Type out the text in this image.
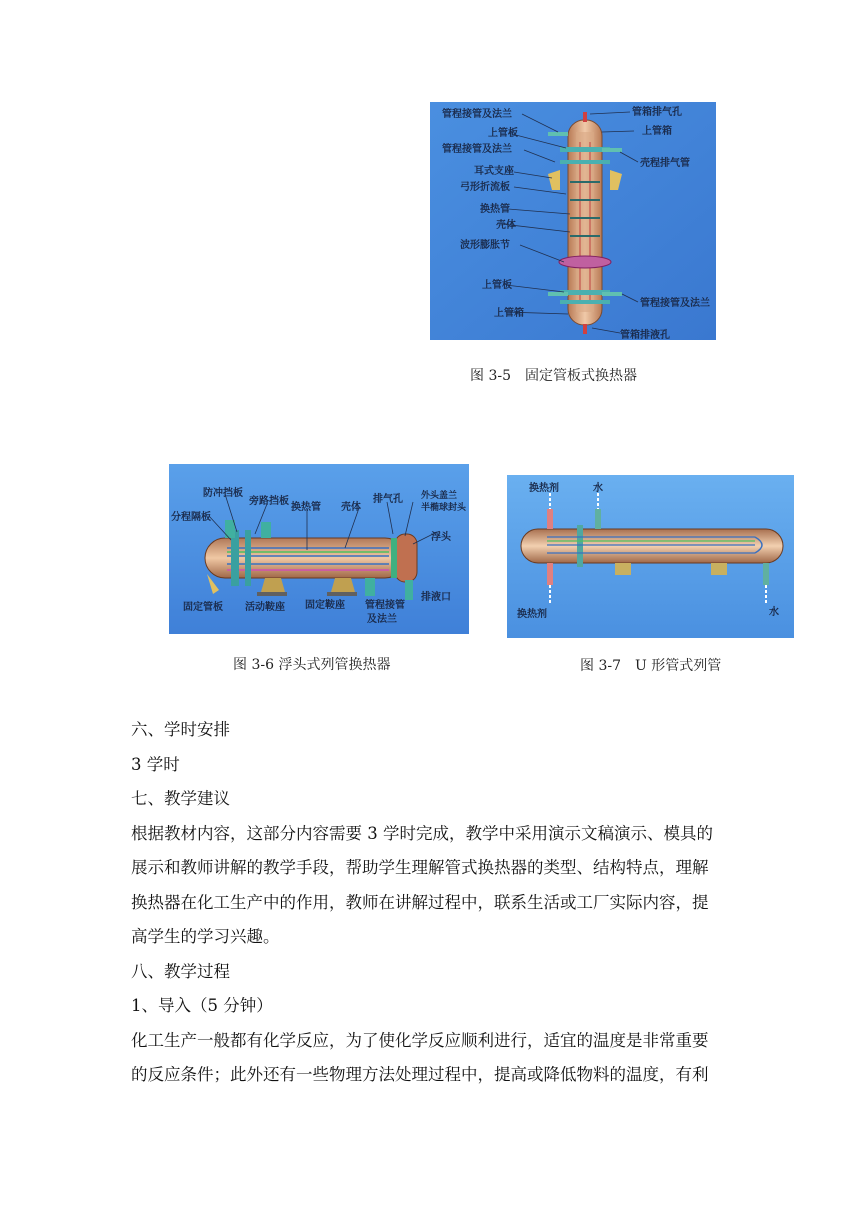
管程接管及法兰
上管板
管程接管及法兰
耳式支座
弓形折流板
换热管
壳体
波形膨胀节
上管板
上管箱
管箱排气孔
上管箱
壳程排气管
管程接管及法兰
管箱排液孔
图 3-5　固定管板式换热器
防冲挡板
旁路挡板
换热管 壳体
排气孔 外头盖兰
半椭球封头
分程隔板
浮头
固定管板 活动鞍座 固定鞍座 管程接管
及法兰
排液口
图 3-6 浮头式列管换热器
换热剂	水
换热剂	水
图 3-7　U 形管式列管
六、学时安排
3 学时
七、教学建议
根据教材内容，这部分内容需要 3 学时完成，教学中采用演示文稿演示、模具的
展示和教师讲解的教学手段，帮助学生理解管式换热器的类型、结构特点，理解
换热器在化工生产中的作用，教师在讲解过程中，联系生活或工厂实际内容，提
高学生的学习兴趣。
八、教学过程
1、导入（5 分钟）
化工生产一般都有化学反应，为了使化学反应顺利进行，适宜的温度是非常重要
的反应条件；此外还有一些物理方法处理过程中，提高或降低物料的温度，有利
